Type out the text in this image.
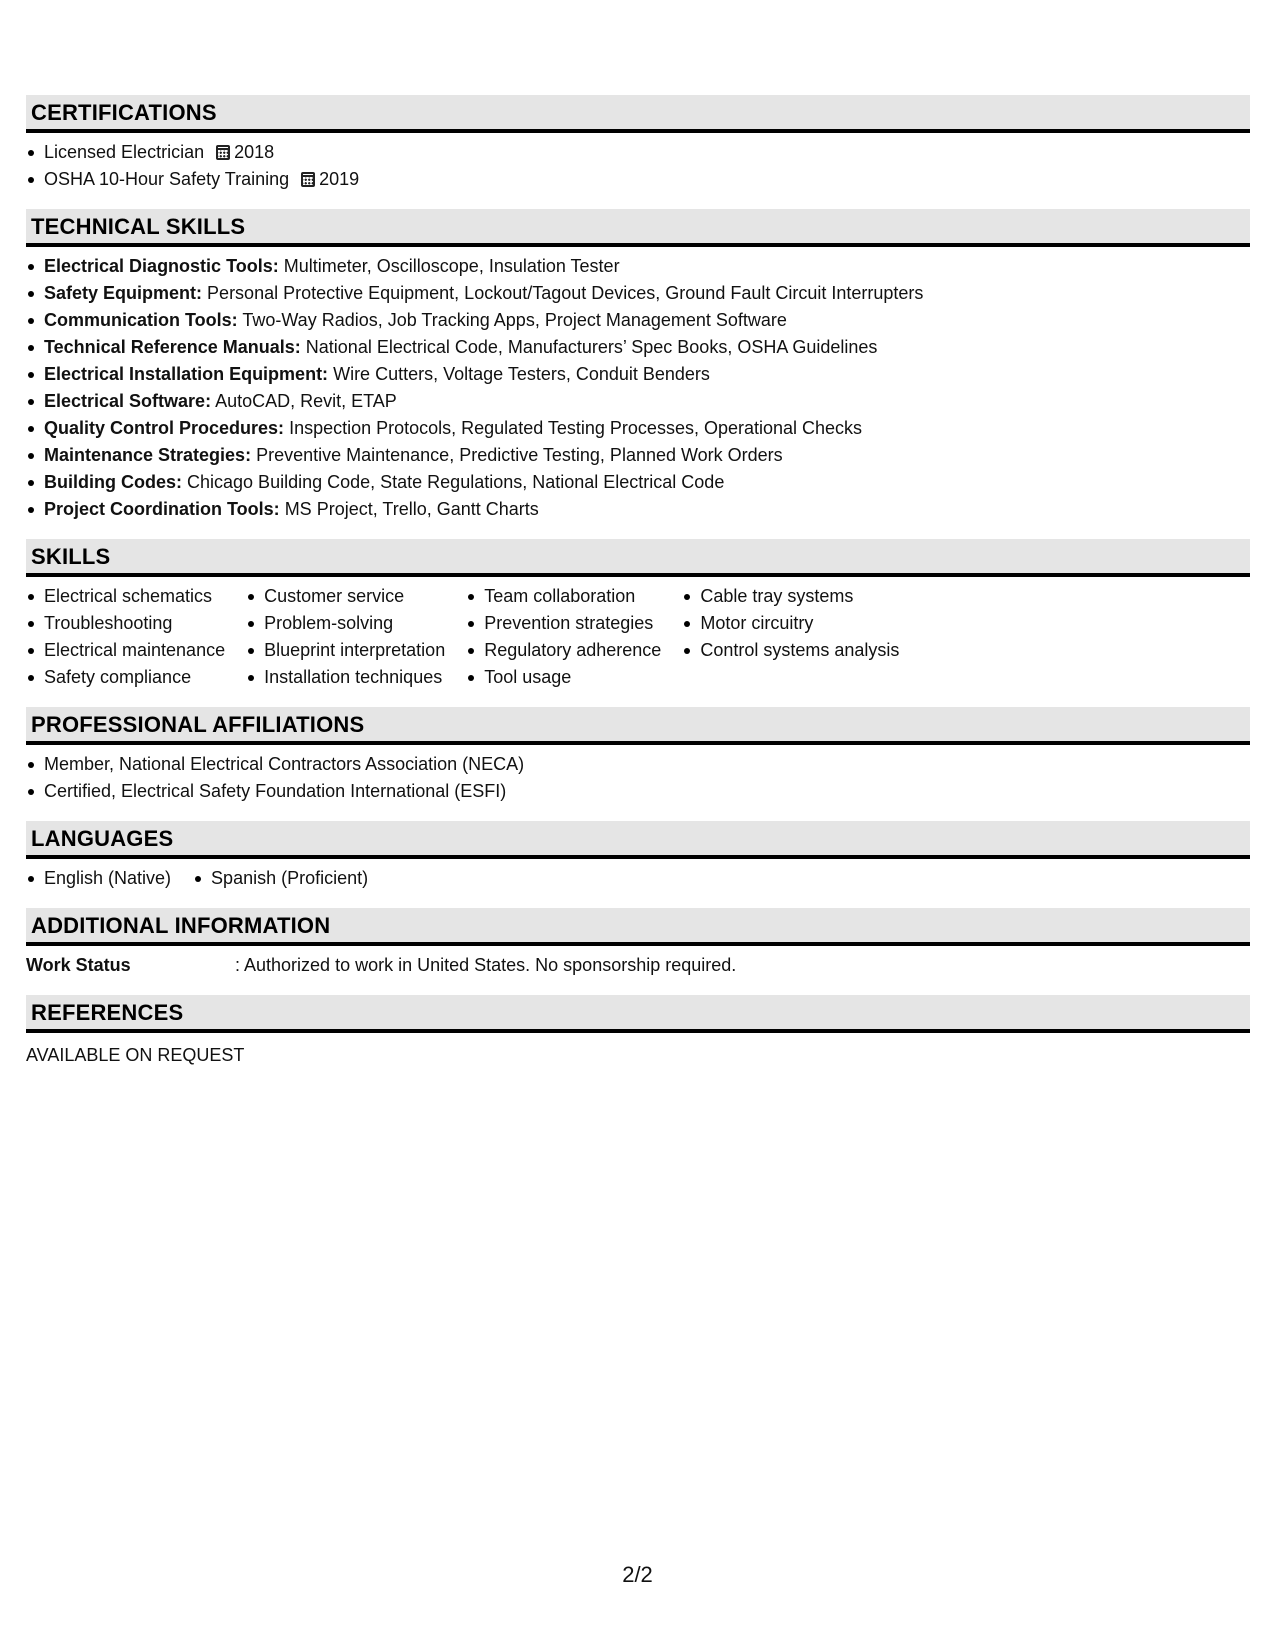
CERTIFICATIONS
Licensed Electrician 2018
OSHA 10-Hour Safety Training 2019
TECHNICAL SKILLS
Electrical Diagnostic Tools: Multimeter, Oscilloscope, Insulation Tester
Safety Equipment: Personal Protective Equipment, Lockout/Tagout Devices, Ground Fault Circuit Interrupters
Communication Tools: Two-Way Radios, Job Tracking Apps, Project Management Software
Technical Reference Manuals: National Electrical Code, Manufacturers’ Spec Books, OSHA Guidelines
Electrical Installation Equipment: Wire Cutters, Voltage Testers, Conduit Benders
Electrical Software: AutoCAD, Revit, ETAP
Quality Control Procedures: Inspection Protocols, Regulated Testing Processes, Operational Checks
Maintenance Strategies: Preventive Maintenance, Predictive Testing, Planned Work Orders
Building Codes: Chicago Building Code, State Regulations, National Electrical Code
Project Coordination Tools: MS Project, Trello, Gantt Charts
SKILLS
Electrical schematics
Troubleshooting
Electrical maintenance
Safety compliance
Customer service
Problem-solving
Blueprint interpretation
Installation techniques
Team collaboration
Prevention strategies
Regulatory adherence
Tool usage
Cable tray systems
Motor circuitry
Control systems analysis
PROFESSIONAL AFFILIATIONS
Member, National Electrical Contractors Association (NECA)
Certified, Electrical Safety Foundation International (ESFI)
LANGUAGES
English (Native)	Spanish (Proficient)
ADDITIONAL INFORMATION
Work Status	: Authorized to work in United States. No sponsorship required.
REFERENCES
AVAILABLE ON REQUEST
2/2
